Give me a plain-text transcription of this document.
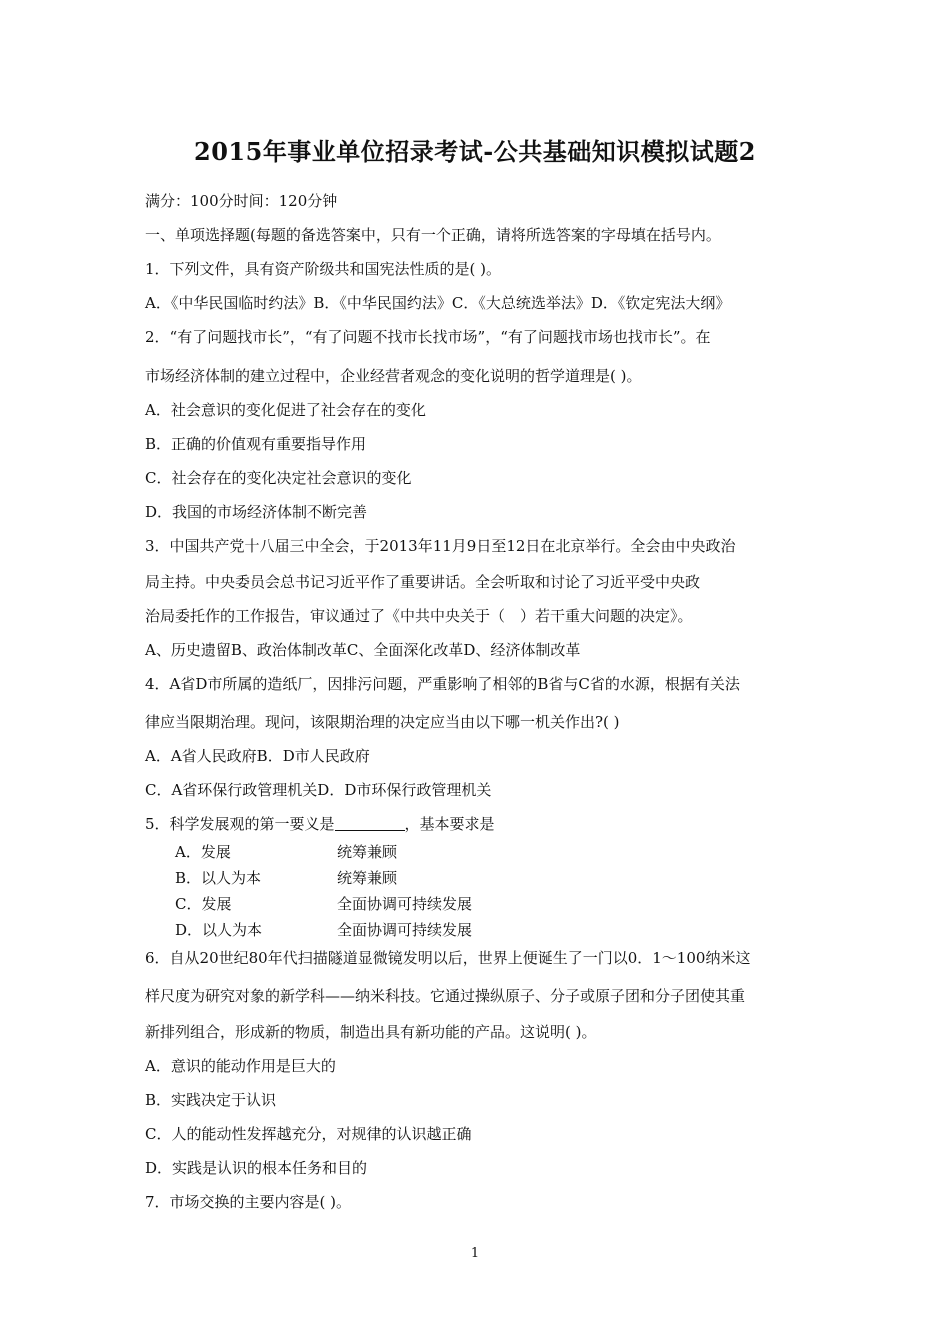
2015年事业单位招录考试-公共基础知识模拟试题2
满分：100分时间：120分钟
一、单项选择题(每题的备选答案中，只有一个正确，请将所选答案的字母填在括号内。
1．下列文件，具有资产阶级共和国宪法性质的是( )。
A．《中华民国临时约法》B．《中华民国约法》C．《大总统选举法》D．《钦定宪法大纲》
2．“有了问题找市长”，“有了问题不找市长找市场”，“有了问题找市场也找市长”。在
市场经济体制的建立过程中，企业经营者观念的变化说明的哲学道理是( )。
A．社会意识的变化促进了社会存在的变化
B．正确的价值观有重要指导作用
C．社会存在的变化决定社会意识的变化
D．我国的市场经济体制不断完善
3．中国共产党十八届三中全会，于2013年11月9日至12日在北京举行。全会由中央政治
局主持。中央委员会总书记习近平作了重要讲话。全会听取和讨论了习近平受中央政
治局委托作的工作报告，审议通过了《中共中央关于（　）若干重大问题的决定》。
A、历史遗留B、政治体制改革C、全面深化改革D、经济体制改革
4．A省D市所属的造纸厂，因排污问题，严重影响了相邻的B省与C省的水源，根据有关法
律应当限期治理。现问，该限期治理的决定应当由以下哪一机关作出?( )
A．A省人民政府B．D市人民政府
C．A省环保行政管理机关D．D市环保行政管理机关
5．科学发展观的第一要义是	，基本要求是
A．发展	统筹兼顾
B．以人为本	统筹兼顾
C．发展	全面协调可持续发展
D．以人为本	全面协调可持续发展
6．自从20世纪80年代扫描隧道显微镜发明以后，世界上便诞生了一门以0．1～100纳米这
样尺度为研究对象的新学科——纳米科技。它通过操纵原子、分子或原子团和分子团使其重
新排列组合，形成新的物质，制造出具有新功能的产品。这说明( )。
A．意识的能动作用是巨大的
B．实践决定于认识
C．人的能动性发挥越充分，对规律的认识越正确
D．实践是认识的根本任务和目的
7．市场交换的主要内容是( )。
1
